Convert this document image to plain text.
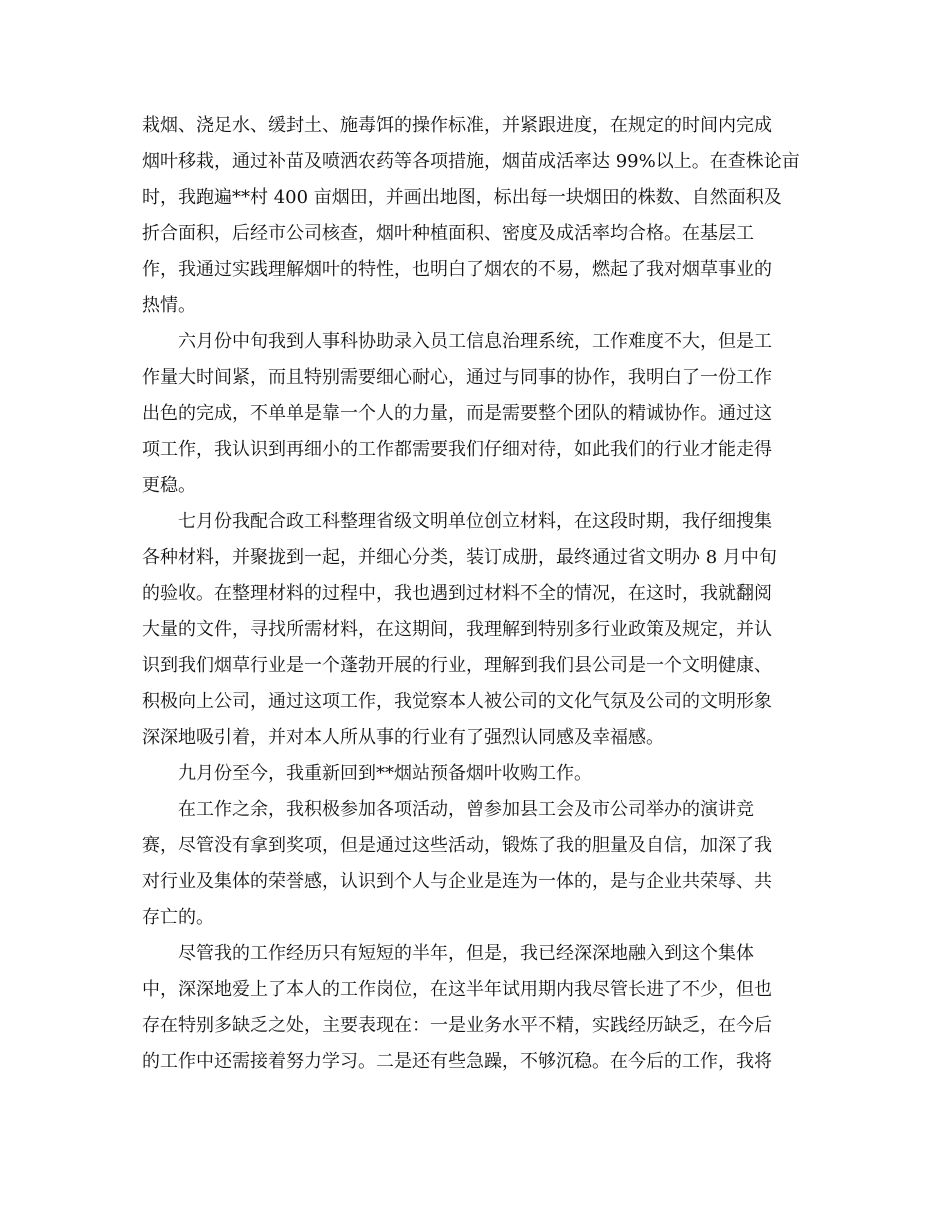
栽烟、浇足水、缓封土、施毒饵的操作标准，并紧跟进度，在规定的时间内完成
烟叶移栽，通过补苗及喷洒农药等各项措施，烟苗成活率达 99%以上。在查株论亩
时，我跑遍**村 400 亩烟田，并画出地图，标出每一块烟田的株数、自然面积及
折合面积，后经市公司核查，烟叶种植面积、密度及成活率均合格。在基层工
作，我通过实践理解烟叶的特性，也明白了烟农的不易，燃起了我对烟草事业的
热情。
六月份中旬我到人事科协助录入员工信息治理系统，工作难度不大，但是工
作量大时间紧，而且特别需要细心耐心，通过与同事的协作，我明白了一份工作
出色的完成，不单单是靠一个人的力量，而是需要整个团队的精诚协作。通过这
项工作，我认识到再细小的工作都需要我们仔细对待，如此我们的行业才能走得
更稳。
七月份我配合政工科整理省级文明单位创立材料，在这段时期，我仔细搜集
各种材料，并聚拢到一起，并细心分类，装订成册，最终通过省文明办 8 月中旬
的验收。在整理材料的过程中，我也遇到过材料不全的情况，在这时，我就翻阅
大量的文件，寻找所需材料，在这期间，我理解到特别多行业政策及规定，并认
识到我们烟草行业是一个蓬勃开展的行业，理解到我们县公司是一个文明健康、
积极向上公司，通过这项工作，我觉察本人被公司的文化气氛及公司的文明形象
深深地吸引着，并对本人所从事的行业有了强烈认同感及幸福感。
九月份至今，我重新回到**烟站预备烟叶收购工作。
在工作之余，我积极参加各项活动，曾参加县工会及市公司举办的演讲竞
赛，尽管没有拿到奖项，但是通过这些活动，锻炼了我的胆量及自信，加深了我
对行业及集体的荣誉感，认识到个人与企业是连为一体的，是与企业共荣辱、共
存亡的。
尽管我的工作经历只有短短的半年，但是，我已经深深地融入到这个集体
中，深深地爱上了本人的工作岗位，在这半年试用期内我尽管长进了不少，但也
存在特别多缺乏之处，主要表现在：一是业务水平不精，实践经历缺乏，在今后
的工作中还需接着努力学习。二是还有些急躁，不够沉稳。在今后的工作，我将
